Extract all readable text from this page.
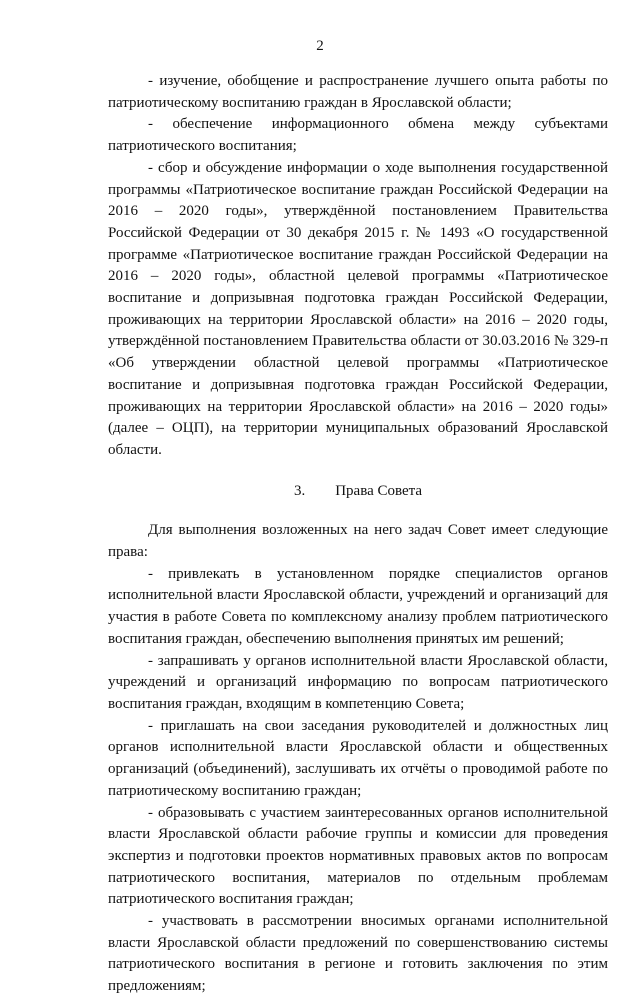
2

- изучение, обобщение и распространение лучшего опыта работы по патриотическому воспитанию граждан в Ярославской области;

- обеспечение информационного обмена между субъектами патриотического воспитания;

- сбор и обсуждение информации о ходе выполнения государственной программы «Патриотическое воспитание граждан Российской Федерации на 2016 – 2020 годы», утверждённой постановлением Правительства Российской Федерации от 30 декабря 2015 г. № 1493 «О государственной программе «Патриотическое воспитание граждан Российской Федерации на 2016 – 2020 годы», областной целевой программы «Патриотическое воспитание и допризывная подготовка граждан Российской Федерации, проживающих на территории Ярославской области» на 2016 – 2020 годы, утверждённой постановлением Правительства области от 30.03.2016 № 329-п «Об утверждении областной целевой программы «Патриотическое воспитание и допризывная подготовка граждан Российской Федерации, проживающих на территории Ярославской области» на 2016 – 2020 годы» (далее – ОЦП), на территории муниципальных образований Ярославской области.

3. Права Совета

Для выполнения возложенных на него задач Совет имеет следующие права:

- привлекать в установленном порядке специалистов органов исполнительной власти Ярославской области, учреждений и организаций для участия в работе Совета по комплексному анализу проблем патриотического воспитания граждан, обеспечению выполнения принятых им решений;

- запрашивать у органов исполнительной власти Ярославской области, учреждений и организаций информацию по вопросам патриотического воспитания граждан, входящим в компетенцию Совета;

- приглашать на свои заседания руководителей и должностных лиц органов исполнительной власти Ярославской области и общественных организаций (объединений), заслушивать их отчёты о проводимой работе по патриотическому воспитанию граждан;

- образовывать с участием заинтересованных органов исполнительной власти Ярославской области рабочие группы и комиссии для проведения экспертиз и подготовки проектов нормативных правовых актов по вопросам патриотического воспитания, материалов по отдельным проблемам патриотического воспитания граждан;

- участвовать в рассмотрении вносимых органами исполнительной власти Ярославской области предложений по совершенствованию системы патриотического воспитания в регионе и готовить заключения по этим предложениям;
